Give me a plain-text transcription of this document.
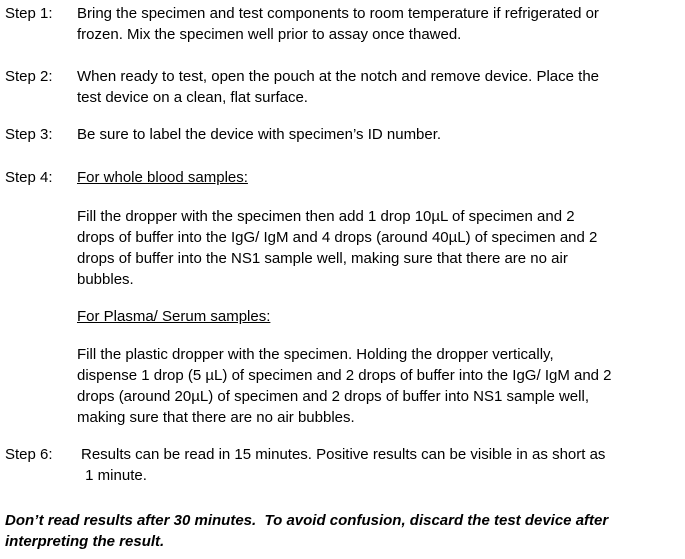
Step 1: Bring the specimen and test components to room temperature if refrigerated or
frozen. Mix the specimen well prior to assay once thawed.
Step 2: When ready to test, open the pouch at the notch and remove device. Place the
test device on a clean, flat surface.
Step 3: Be sure to label the device with specimen’s ID number.
Step 4: For whole blood samples:
Fill the dropper with the specimen then add 1 drop 10µL of specimen and 2
drops of buffer into the IgG/ IgM and 4 drops (around 40µL) of specimen and 2
drops of buffer into the NS1 sample well, making sure that there are no air
bubbles.
For Plasma/ Serum samples:
Fill the plastic dropper with the specimen. Holding the dropper vertically,
dispense 1 drop (5 µL) of specimen and 2 drops of buffer into the IgG/ IgM and 2
drops (around 20µL) of specimen and 2 drops of buffer into NS1 sample well,
making sure that there are no air bubbles.
Step 6: Results can be read in 15 minutes. Positive results can be visible in as short as
1 minute.
Don’t read results after 30 minutes.  To avoid confusion, discard the test device after
interpreting the result.
